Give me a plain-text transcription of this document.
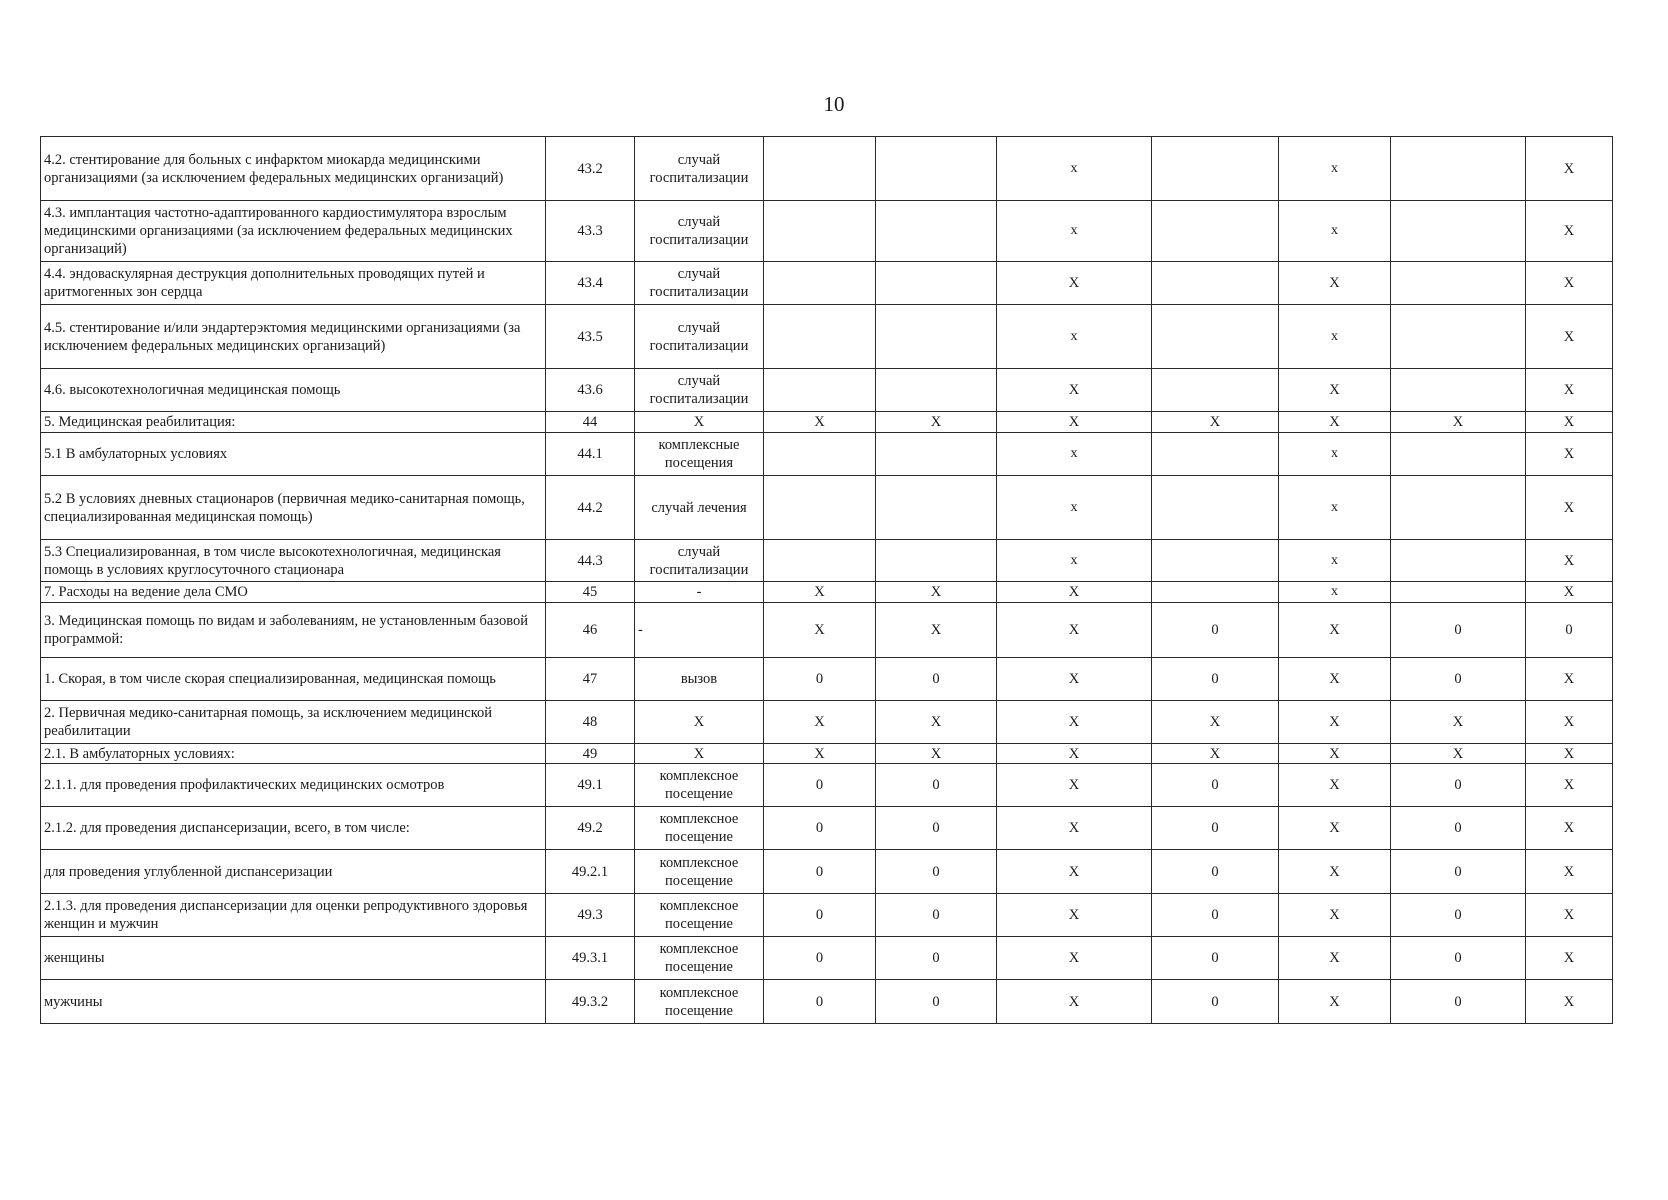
10
4.2. стентирование для больных с инфарктом миокарда медицинскими организациями (за исключением федеральных медицинских организаций)	43.2	случай госпитализации			x		x		X
4.3. имплантация частотно-адаптированного кардиостимулятора взрослым медицинскими организациями (за исключением федеральных медицинских организаций)	43.3	случай госпитализации			x		x		X
4.4. эндоваскулярная деструкция дополнительных проводящих путей и аритмогенных зон сердца	43.4	случай госпитализации			X		X		X
4.5. стентирование и/или эндартерэктомия медицинскими организациями (за исключением федеральных медицинских организаций)	43.5	случай госпитализации			x		x		X
4.6. высокотехнологичная медицинская помощь	43.6	случай госпитализации			X		X		X
5. Медицинская реабилитация:	44	X	X	X	X	X	X	X	X
5.1 В амбулаторных условиях	44.1	комплексные посещения			x		x		X
5.2 В условиях дневных стационаров (первичная медико-санитарная помощь, специализированная медицинская помощь)	44.2	случай лечения			x		x		X
5.3 Специализированная, в том числе высокотехнологичная, медицинская помощь в условиях круглосуточного стационара	44.3	случай госпитализации			x		x		X
7. Расходы на ведение дела СМО	45	-	X	X	X		x		X
3. Медицинская помощь по видам и заболеваниям, не установленным базовой программой:	46	-	X	X	X	0	X	0	0
1. Скорая, в том числе скорая специализированная, медицинская помощь	47	вызов	0	0	X	0	X	0	X
2. Первичная медико-санитарная помощь, за исключением медицинской реабилитации	48	X	X	X	X	X	X	X	X
2.1. В амбулаторных условиях:	49	X	X	X	X	X	X	X	X
2.1.1. для проведения профилактических медицинских осмотров	49.1	комплексное посещение	0	0	X	0	X	0	X
2.1.2. для проведения диспансеризации, всего, в том числе:	49.2	комплексное посещение	0	0	X	0	X	0	X
для проведения углубленной диспансеризации	49.2.1	комплексное посещение	0	0	X	0	X	0	X
2.1.3. для проведения диспансеризации для оценки репродуктивного здоровья женщин и мужчин	49.3	комплексное посещение	0	0	X	0	X	0	X
женщины	49.3.1	комплексное посещение	0	0	X	0	X	0	X
мужчины	49.3.2	комплексное посещение	0	0	X	0	X	0	X
